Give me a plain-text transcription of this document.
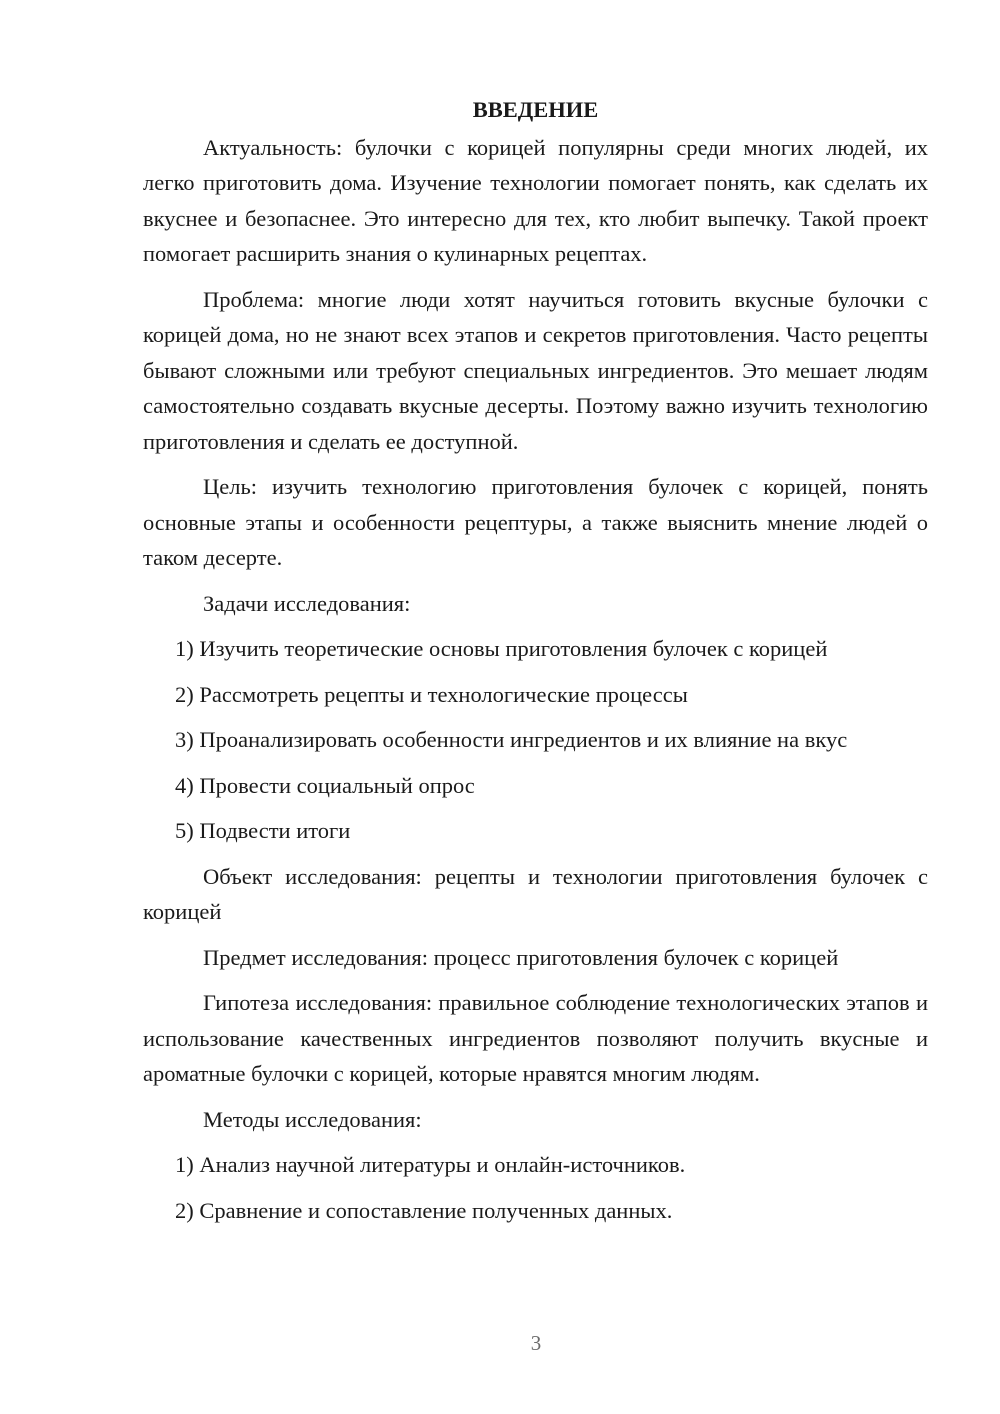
ВВЕДЕНИЕ

Актуальность: булочки с корицей популярны среди многих людей, их легко приготовить дома. Изучение технологии помогает понять, как сделать их вкуснее и безопаснее. Это интересно для тех, кто любит выпечку. Такой проект помогает расширить знания о кулинарных рецептах.

Проблема: многие люди хотят научиться готовить вкусные булочки с корицей дома, но не знают всех этапов и секретов приготовления. Часто рецепты бывают сложными или требуют специальных ингредиентов. Это мешает людям самостоятельно создавать вкусные десерты. Поэтому важно изучить технологию приготовления и сделать ее доступной.

Цель: изучить технологию приготовления булочек с корицей, понять основные этапы и особенности рецептуры, а также выяснить мнение людей о таком десерте.

Задачи исследования:

1) Изучить теоретические основы приготовления булочек с корицей
2) Рассмотреть рецепты и технологические процессы
3) Проанализировать особенности ингредиентов и их влияние на вкус
4) Провести социальный опрос
5) Подвести итоги

Объект исследования: рецепты и технологии приготовления булочек с корицей

Предмет исследования: процесс приготовления булочек с корицей

Гипотеза исследования: правильное соблюдение технологических этапов и использование качественных ингредиентов позволяют получить вкусные и ароматные булочки с корицей, которые нравятся многим людям.

Методы исследования:

1) Анализ научной литературы и онлайн-источников.
2) Сравнение и сопоставление полученных данных.
3
